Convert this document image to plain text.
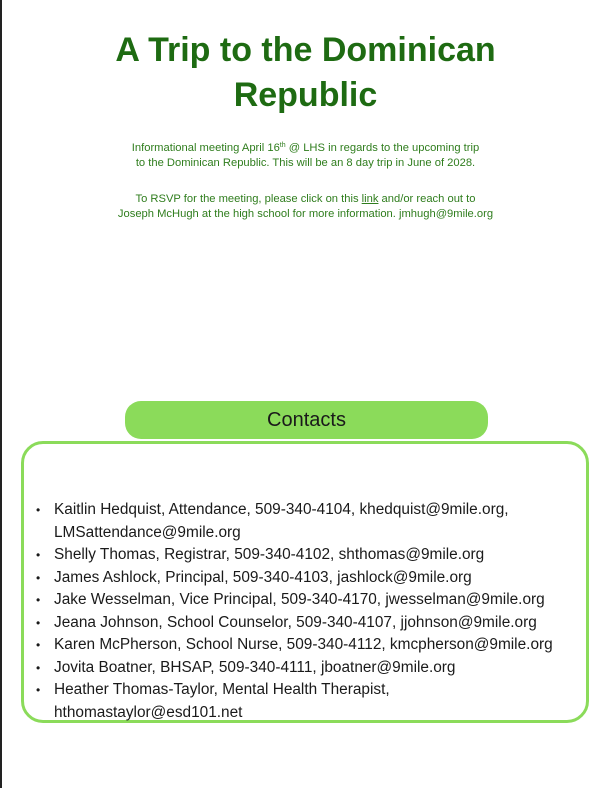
A Trip to the Dominican
Republic

Informational meeting April 16th @ LHS in regards to the upcoming trip
to the Dominican Republic. This will be an 8 day trip in June of 2028.

To RSVP for the meeting, please click on this link and/or reach out to
Joseph McHugh at the high school for more information. jmhugh@9mile.org

Contacts
• Kaitlin Hedquist, Attendance, 509-340-4104, khedquist@9mile.org,
LMSattendance@9mile.org
• Shelly Thomas, Registrar, 509-340-4102, shthomas@9mile.org
• James Ashlock, Principal, 509-340-4103, jashlock@9mile.org
• Jake Wesselman, Vice Principal, 509-340-4170, jwesselman@9mile.org
• Jeana Johnson, School Counselor, 509-340-4107, jjohnson@9mile.org
• Karen McPherson, School Nurse, 509-340-4112, kmcpherson@9mile.org
• Jovita Boatner, BHSAP, 509-340-4111, jboatner@9mile.org
• Heather Thomas-Taylor, Mental Health Therapist,
hthomastaylor@esd101.net
